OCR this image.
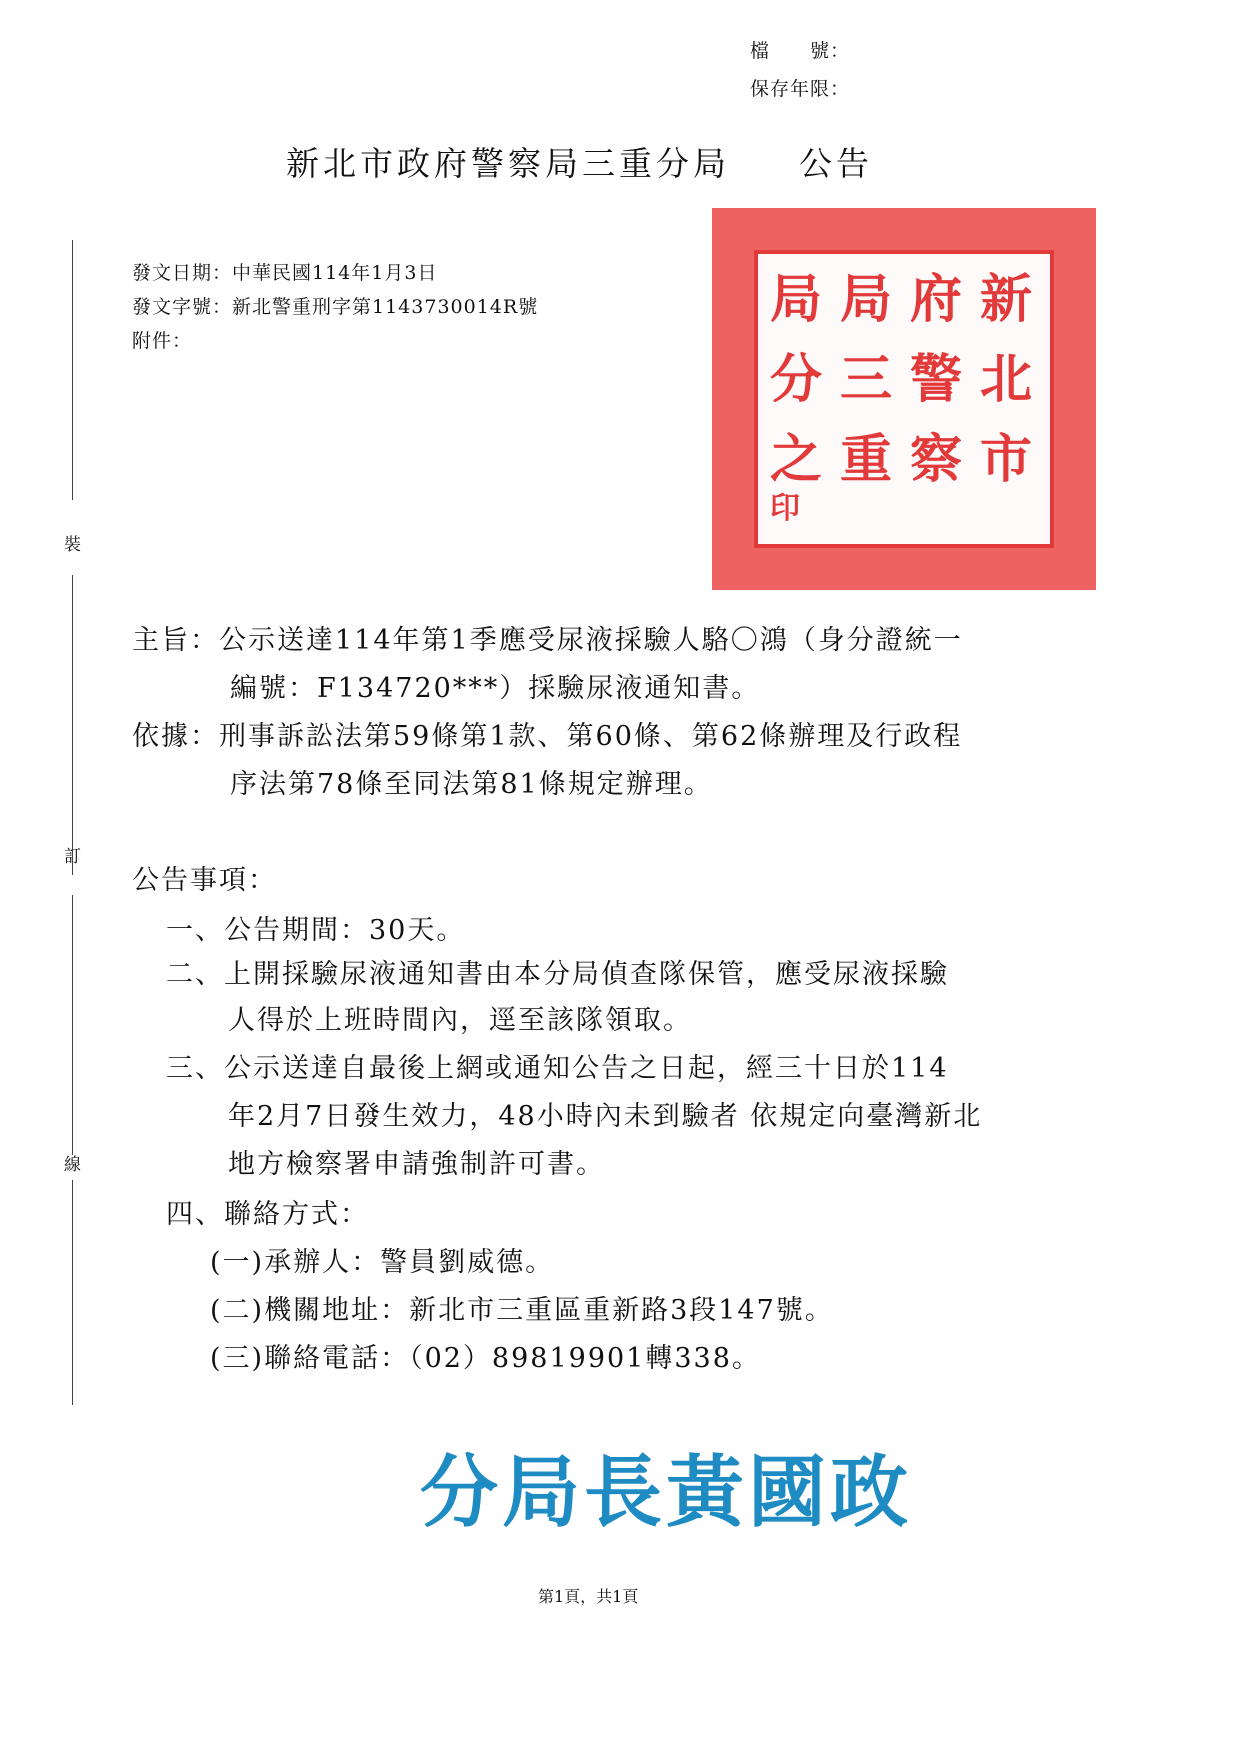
檔　　號：
保存年限：
新北市政府警察局三重分局 公告
發文日期：中華民國114年1月3日
發文字號：新北警重刑字第1143730014R號
附件：
裝
訂
線
新
北
市
府
警
察
局
三
重
局
分
之
印
主旨：公示送達114年第1季應受尿液採驗人駱〇鴻（身分證統一
編號：F134720***）採驗尿液通知書。
依據：刑事訴訟法第59條第1款、第60條、第62條辦理及行政程
序法第78條至同法第81條規定辦理。
公告事項：
一、公告期間：30天。
二、上開採驗尿液通知書由本分局偵查隊保管，應受尿液採驗
人得於上班時間內，逕至該隊領取。
三、公示送達自最後上網或通知公告之日起，經三十日於114
年2月7日發生效力，48小時內未到驗者 依規定向臺灣新北
地方檢察署申請強制許可書。
四、聯絡方式：
(一)承辦人：警員劉威德。
(二)機關地址：新北市三重區重新路3段147號。
(三)聯絡電話：（02）89819901轉338。
分局長黃國政
第1頁，共1頁
